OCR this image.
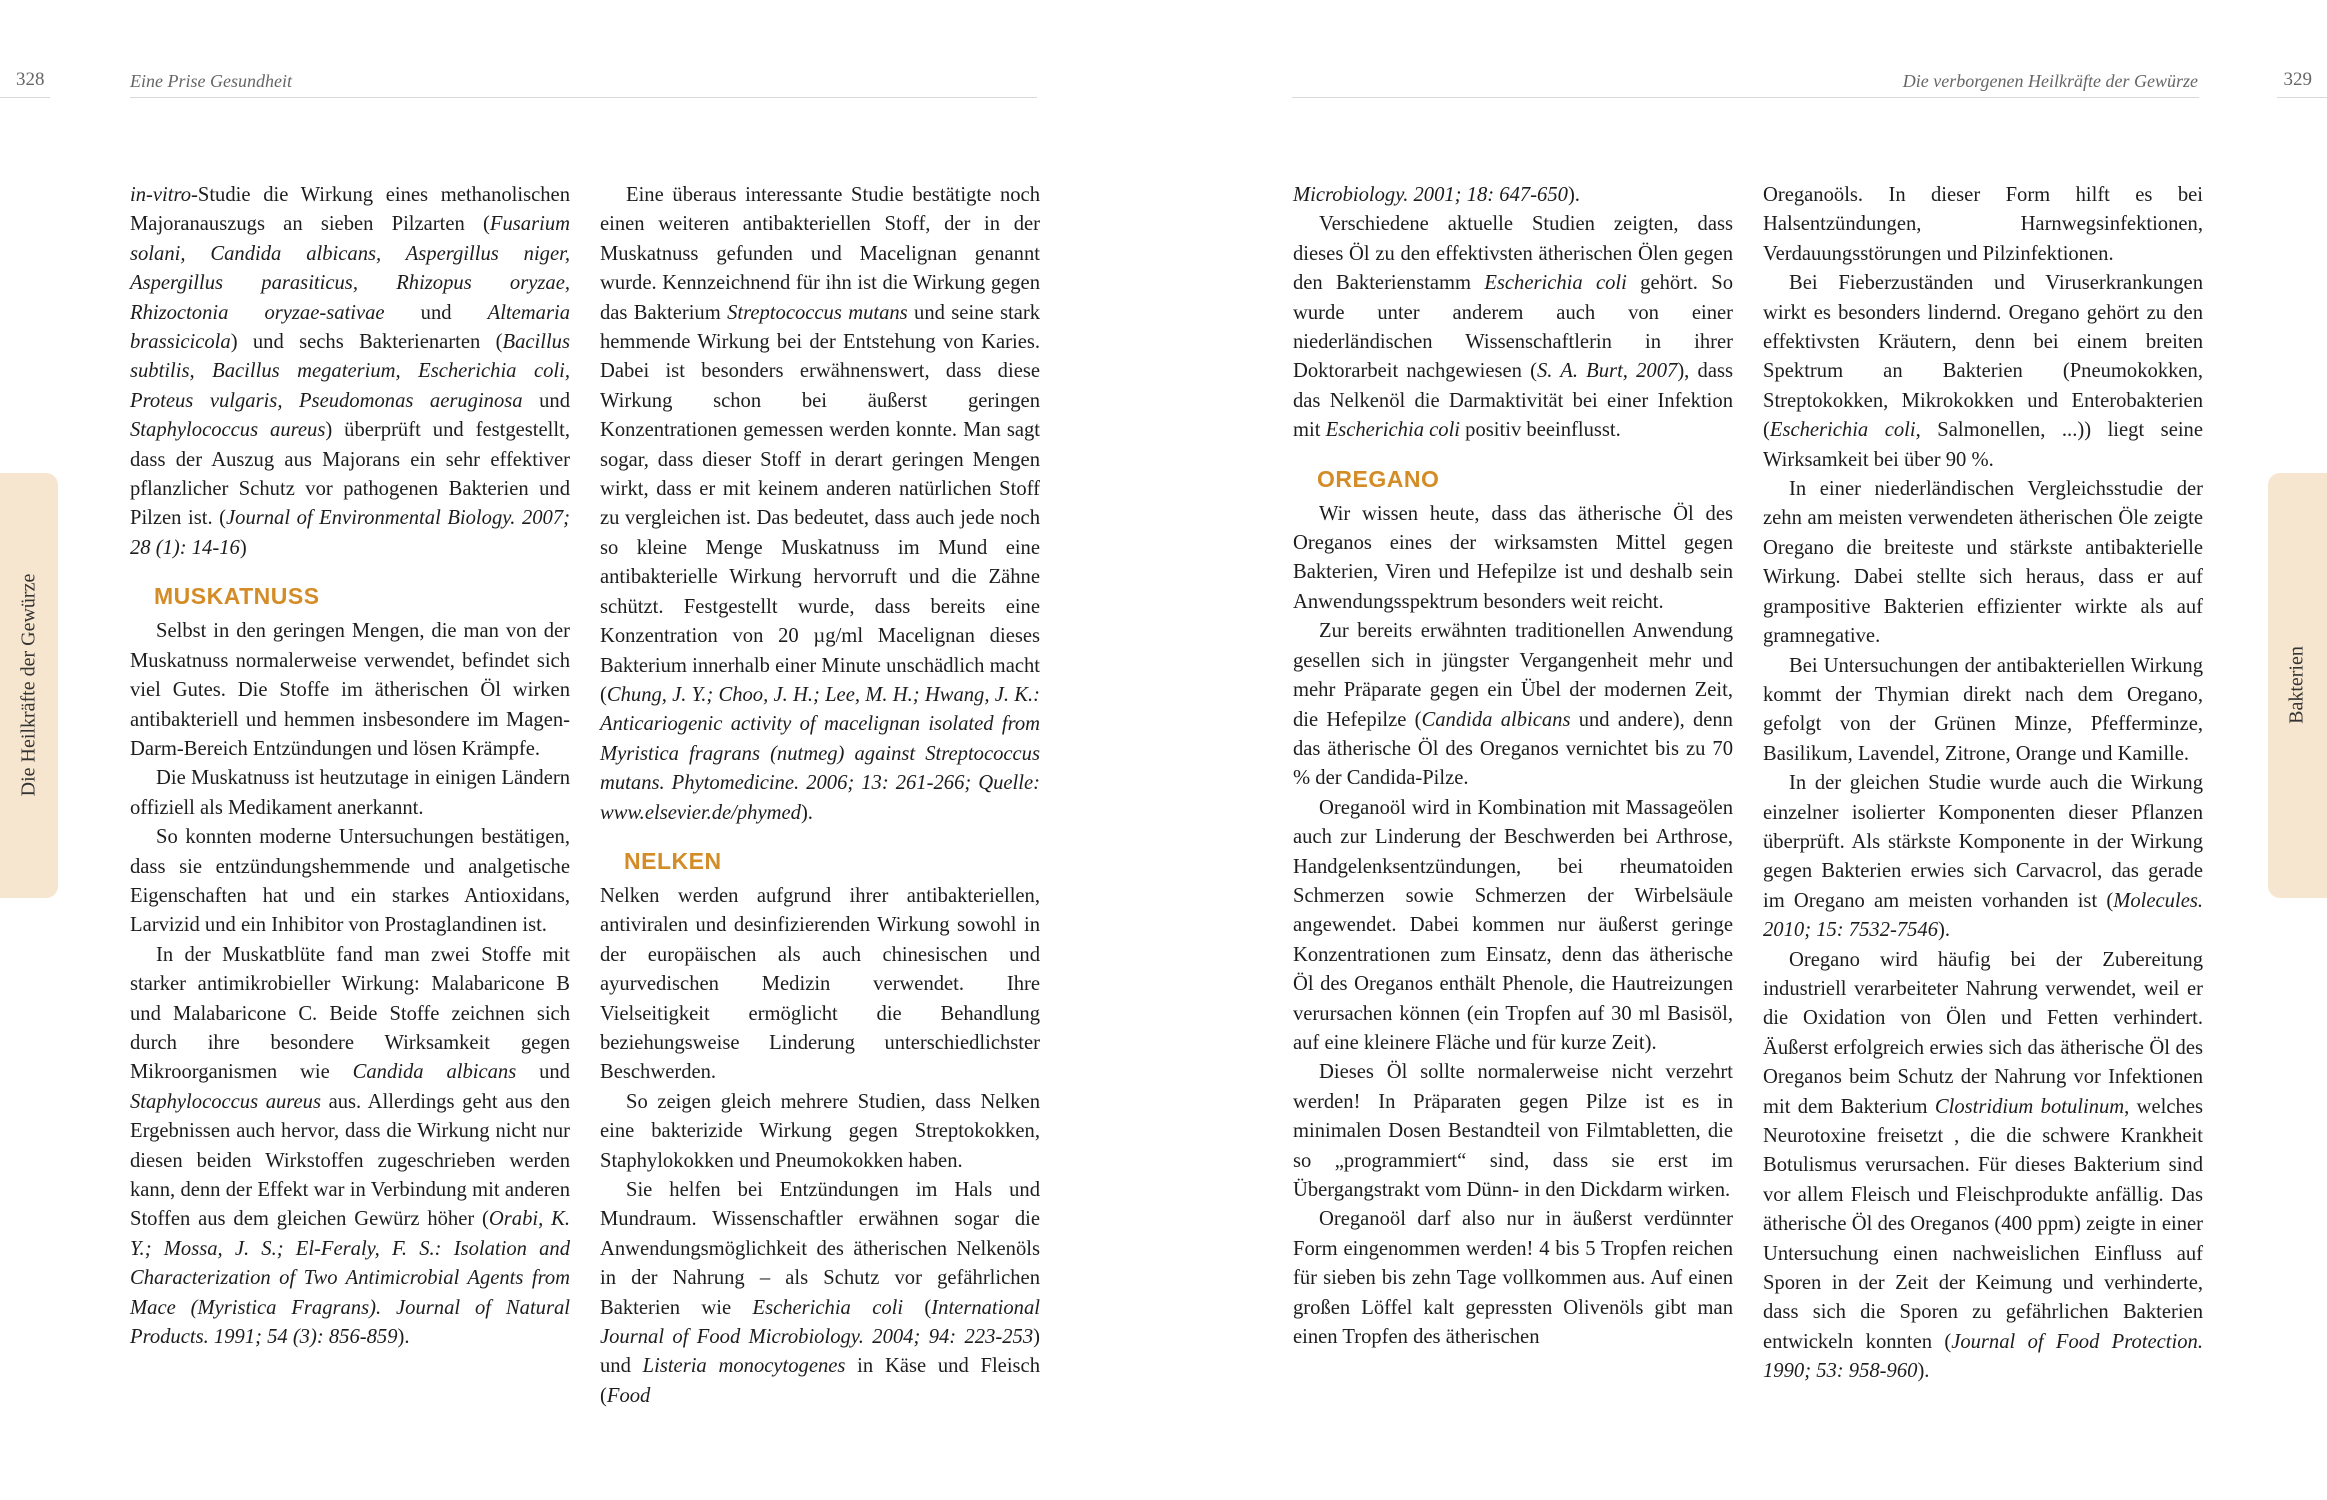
328	Eine Prise Gesundheit	Die verborgenen Heilkräfte der Gewürze	329
Die Heilkräfte der Gewürze	Bakterien

in-vitro-Studie die Wirkung eines methanolischen Majoranauszugs an sieben Pilzarten (Fusarium solani, Candida albicans, Aspergillus niger, Aspergillus parasiticus, Rhizopus oryzae, Rhizoctonia oryzae-sativae und Altemaria brassicicola) und sechs Bakterienarten (Bacillus subtilis, Bacillus megaterium, Escherichia coli, Proteus vulgaris, Pseudomonas aeruginosa und Staphylococcus aureus) überprüft und festgestellt, dass der Auszug aus Majorans ein sehr effektiver pflanzlicher Schutz vor pathogenen Bakterien und Pilzen ist. (Journal of Environmental Biology. 2007; 28 (1): 14-16)

MUSKATNUSS

Selbst in den geringen Mengen, die man von der Muskatnuss normalerweise verwendet, befindet sich viel Gutes. Die Stoffe im ätherischen Öl wirken antibakteriell und hemmen insbesondere im Magen-Darm-Bereich Entzündungen und lösen Krämpfe.

Die Muskatnuss ist heutzutage in einigen Ländern offiziell als Medikament anerkannt.

So konnten moderne Untersuchungen bestätigen, dass sie entzündungshemmende und analgetische Eigenschaften hat und ein starkes Antioxidans, Larvizid und ein Inhibitor von Prostaglandinen ist.

In der Muskatblüte fand man zwei Stoffe mit starker antimikrobieller Wirkung: Malabaricone B und Malabaricone C. Beide Stoffe zeichnen sich durch ihre besondere Wirksamkeit gegen Mikroorganismen wie Candida albicans und Staphylococcus aureus aus. Allerdings geht aus den Ergebnissen auch hervor, dass die Wirkung nicht nur diesen beiden Wirkstoffen zugeschrieben werden kann, denn der Effekt war in Verbindung mit anderen Stoffen aus dem gleichen Gewürz höher (Orabi, K. Y.; Mossa, J. S.; El-Feraly, F. S.: Isolation and Characterization of Two Antimicrobial Agents from Mace (Myristica Fragrans). Journal of Natural Products. 1991; 54 (3): 856-859).

Eine überaus interessante Studie bestätigte noch einen weiteren antibakteriellen Stoff, der in der Muskatnuss gefunden und Macelignan genannt wurde. Kennzeichnend für ihn ist die Wirkung gegen das Bakterium Streptococcus mutans und seine stark hemmende Wirkung bei der Entstehung von Karies. Dabei ist besonders erwähnenswert, dass diese Wirkung schon bei äußerst geringen Konzentrationen gemessen werden konnte. Man sagt sogar, dass dieser Stoff in derart geringen Mengen wirkt, dass er mit keinem anderen natürlichen Stoff zu vergleichen ist. Das bedeutet, dass auch jede noch so kleine Menge Muskatnuss im Mund eine antibakterielle Wirkung hervorruft und die Zähne schützt. Festgestellt wurde, dass bereits eine Konzentration von 20 µg/ml Macelignan dieses Bakterium innerhalb einer Minute unschädlich macht (Chung, J. Y.; Choo, J. H.; Lee, M. H.; Hwang, J. K.: Anticariogenic activity of macelignan isolated from Myristica fragrans (nutmeg) against Streptococcus mutans. Phytomedicine. 2006; 13: 261-266; Quelle: www.elsevier.de/phymed).

NELKEN

Nelken werden aufgrund ihrer antibakteriellen, antiviralen und desinfizierenden Wirkung sowohl in der europäischen als auch chinesischen und ayurvedischen Medizin verwendet. Ihre Vielseitigkeit ermöglicht die Behandlung beziehungsweise Linderung unterschiedlichster Beschwerden.

So zeigen gleich mehrere Studien, dass Nelken eine bakterizide Wirkung gegen Streptokokken, Staphylokokken und Pneumokokken haben.

Sie helfen bei Entzündungen im Hals und Mundraum. Wissenschaftler erwähnen sogar die Anwendungsmöglichkeit des ätherischen Nelkenöls in der Nahrung – als Schutz vor gefährlichen Bakterien wie Escherichia coli (International Journal of Food Microbiology. 2004; 94: 223-253) und Listeria monocytogenes in Käse und Fleisch (Food

Microbiology. 2001; 18: 647-650).

Verschiedene aktuelle Studien zeigten, dass dieses Öl zu den effektivsten ätherischen Ölen gegen den Bakterienstamm Escherichia coli gehört. So wurde unter anderem auch von einer niederländischen Wissenschaftlerin in ihrer Doktorarbeit nachgewiesen (S. A. Burt, 2007), dass das Nelkenöl die Darmaktivität bei einer Infektion mit Escherichia coli positiv beeinflusst.

OREGANO

Wir wissen heute, dass das ätherische Öl des Oreganos eines der wirksamsten Mittel gegen Bakterien, Viren und Hefepilze ist und deshalb sein Anwendungsspektrum besonders weit reicht.

Zur bereits erwähnten traditionellen Anwendung gesellen sich in jüngster Vergangenheit mehr und mehr Präparate gegen ein Übel der modernen Zeit, die Hefepilze (Candida albicans und andere), denn das ätherische Öl des Oreganos vernichtet bis zu 70 % der Candida-Pilze.

Oreganoöl wird in Kombination mit Massageölen auch zur Linderung der Beschwerden bei Arthrose, Handgelenksentzündungen, bei rheumatoiden Schmerzen sowie Schmerzen der Wirbelsäule angewendet. Dabei kommen nur äußerst geringe Konzentrationen zum Einsatz, denn das ätherische Öl des Oreganos enthält Phenole, die Hautreizungen verursachen können (ein Tropfen auf 30 ml Basisöl, auf eine kleinere Fläche und für kurze Zeit).

Dieses Öl sollte normalerweise nicht verzehrt werden! In Präparaten gegen Pilze ist es in minimalen Dosen Bestandteil von Filmtabletten, die so „programmiert“ sind, dass sie erst im Übergangstrakt vom Dünn- in den Dickdarm wirken.

Oreganoöl darf also nur in äußerst verdünnter Form eingenommen werden! 4 bis 5 Tropfen reichen für sieben bis zehn Tage vollkommen aus. Auf einen großen Löffel kalt gepressten Olivenöls gibt man einen Tropfen des ätherischen

Oreganoöls. In dieser Form hilft es bei Halsentzündungen, Harnwegsinfektionen, Verdauungsstörungen und Pilzinfektionen.

Bei Fieberzuständen und Viruserkrankungen wirkt es besonders lindernd. Oregano gehört zu den effektivsten Kräutern, denn bei einem breiten Spektrum an Bakterien (Pneumokokken, Streptokokken, Mikrokokken und Enterobakterien (Escherichia coli, Salmonellen, ...)) liegt seine Wirksamkeit bei über 90 %.

In einer niederländischen Vergleichsstudie der zehn am meisten verwendeten ätherischen Öle zeigte Oregano die breiteste und stärkste antibakterielle Wirkung. Dabei stellte sich heraus, dass er auf grampositive Bakterien effizienter wirkte als auf gramnegative.

Bei Untersuchungen der antibakteriellen Wirkung kommt der Thymian direkt nach dem Oregano, gefolgt von der Grünen Minze, Pfefferminze, Basilikum, Lavendel, Zitrone, Orange und Kamille.

In der gleichen Studie wurde auch die Wirkung einzelner isolierter Komponenten dieser Pflanzen überprüft. Als stärkste Komponente in der Wirkung gegen Bakterien erwies sich Carvacrol, das gerade im Oregano am meisten vorhanden ist (Molecules. 2010; 15: 7532-7546).

Oregano wird häufig bei der Zubereitung industriell verarbeiteter Nahrung verwendet, weil er die Oxidation von Ölen und Fetten verhindert. Äußerst erfolgreich erwies sich das ätherische Öl des Oreganos beim Schutz der Nahrung vor Infektionen mit dem Bakterium Clostridium botulinum, welches Neurotoxine freisetzt , die die schwere Krankheit Botulismus verursachen. Für dieses Bakterium sind vor allem Fleisch und Fleischprodukte anfällig. Das ätherische Öl des Oreganos (400 ppm) zeigte in einer Untersuchung einen nachweislichen Einfluss auf Sporen in der Zeit der Keimung und verhinderte, dass sich die Sporen zu gefährlichen Bakterien entwickeln konnten (Journal of Food Protection. 1990; 53: 958-960).
